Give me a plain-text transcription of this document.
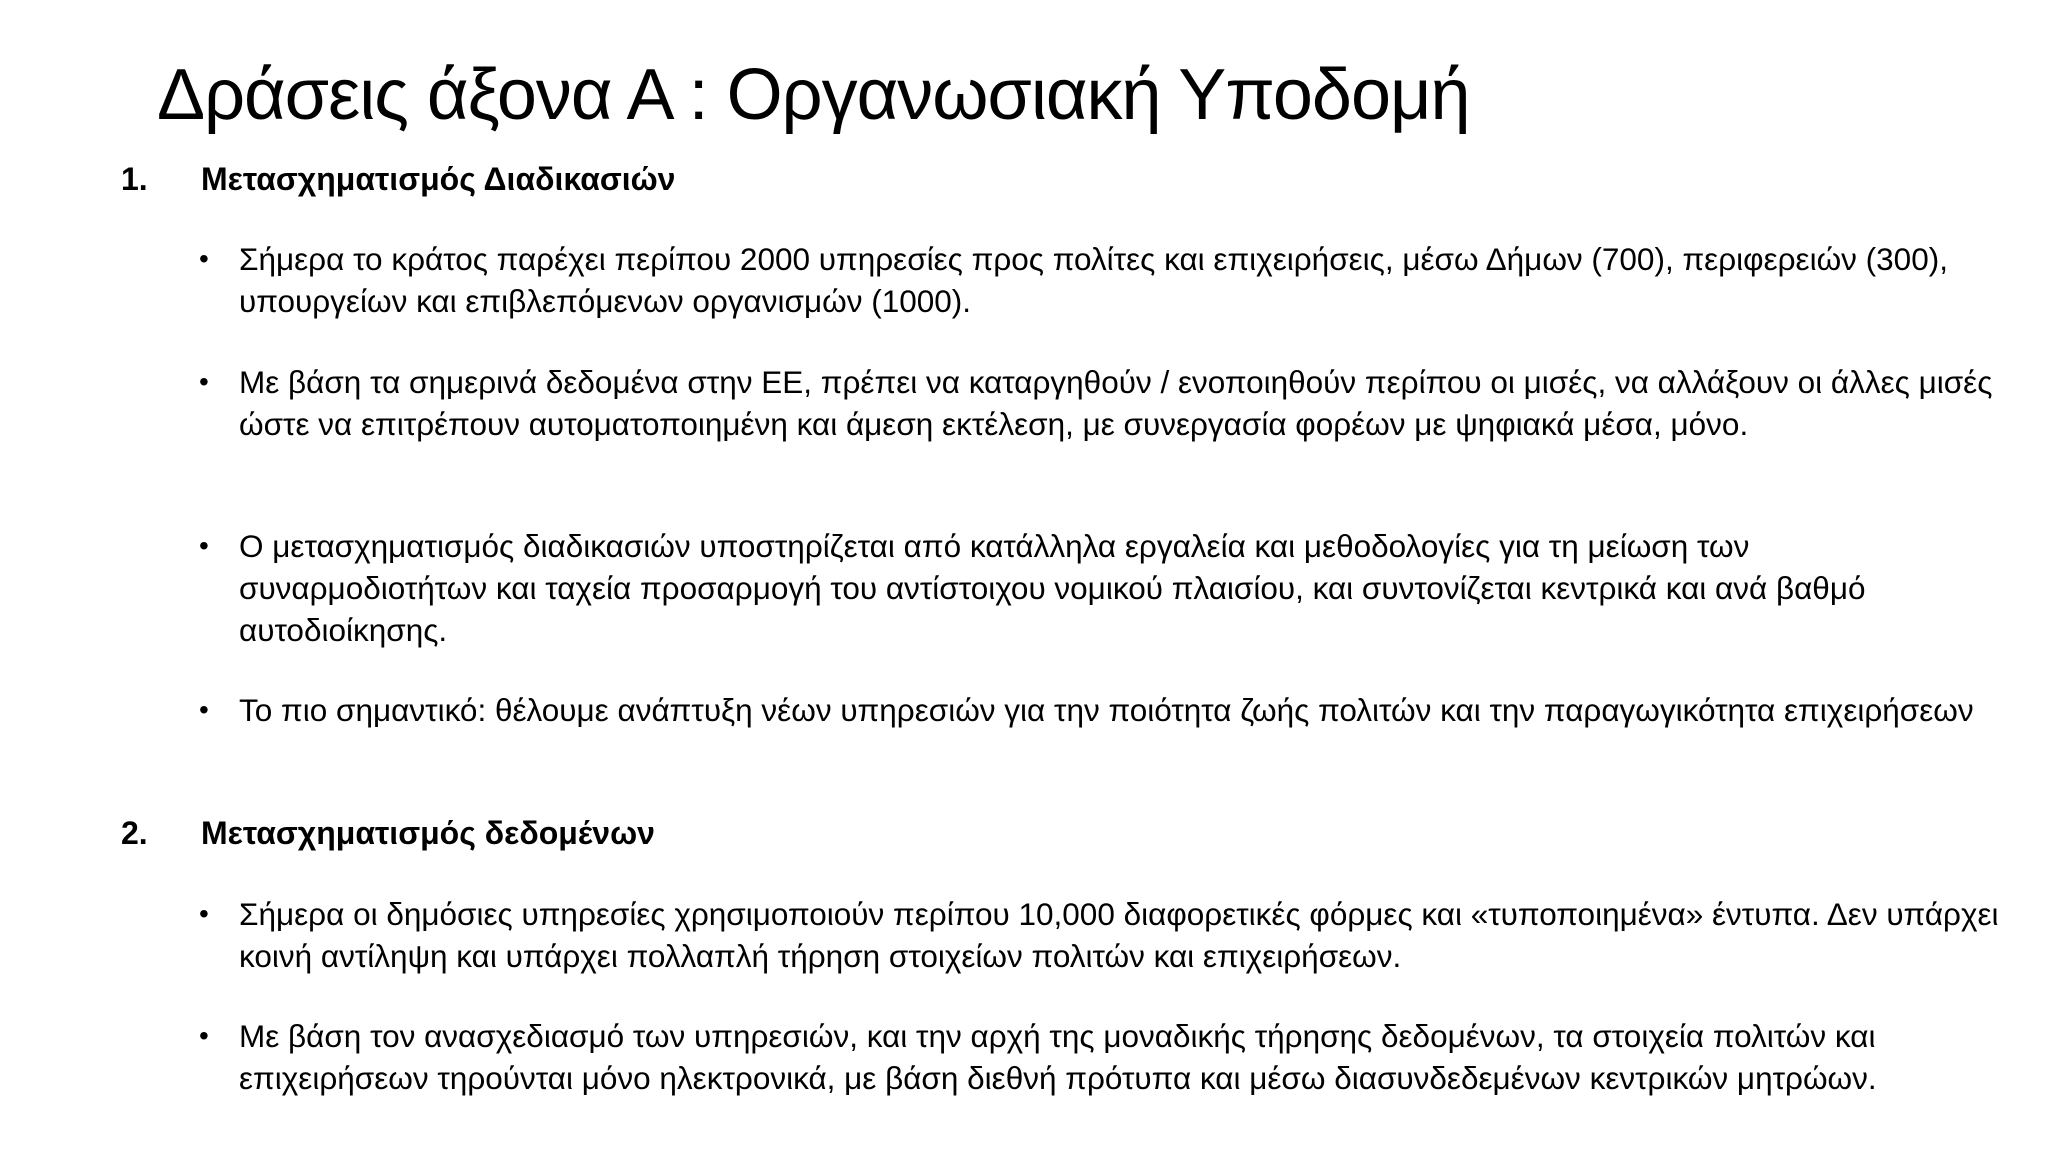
Δράσεις άξονα Α : Οργανωσιακή Υποδομή
1. Μετασχηματισμός Διαδικασιών
• Σήμερα το κράτος παρέχει περίπου 2000 υπηρεσίες προς πολίτες και επιχειρήσεις, μέσω Δήμων (700), περιφερειών (300), υπουργείων και επιβλεπόμενων οργανισμών (1000).
• Με βάση τα σημερινά δεδομένα στην ΕΕ, πρέπει να καταργηθούν / ενοποιηθούν περίπου οι μισές, να αλλάξουν οι άλλες μισές ώστε να επιτρέπουν αυτοματοποιημένη και άμεση εκτέλεση, με συνεργασία φορέων με ψηφιακά μέσα, μόνο.
• Ο μετασχηματισμός διαδικασιών υποστηρίζεται από κατάλληλα εργαλεία και μεθοδολογίες για τη μείωση των συναρμοδιοτήτων και ταχεία προσαρμογή του αντίστοιχου νομικού πλαισίου, και συντονίζεται κεντρικά και ανά βαθμό αυτοδιοίκησης.
• Το πιο σημαντικό: θέλουμε ανάπτυξη νέων υπηρεσιών για την ποιότητα ζωής πολιτών και την παραγωγικότητα επιχειρήσεων
2. Μετασχηματισμός δεδομένων
• Σήμερα οι δημόσιες υπηρεσίες χρησιμοποιούν περίπου 10,000 διαφορετικές φόρμες και «τυποποιημένα» έντυπα. Δεν υπάρχει κοινή αντίληψη και υπάρχει πολλαπλή τήρηση στοιχείων πολιτών και επιχειρήσεων.
• Με βάση τον ανασχεδιασμό των υπηρεσιών, και την αρχή της μοναδικής τήρησης δεδομένων, τα στοιχεία πολιτών και επιχειρήσεων τηρούνται μόνο ηλεκτρονικά, με βάση διεθνή πρότυπα και μέσω διασυνδεδεμένων κεντρικών μητρώων.
